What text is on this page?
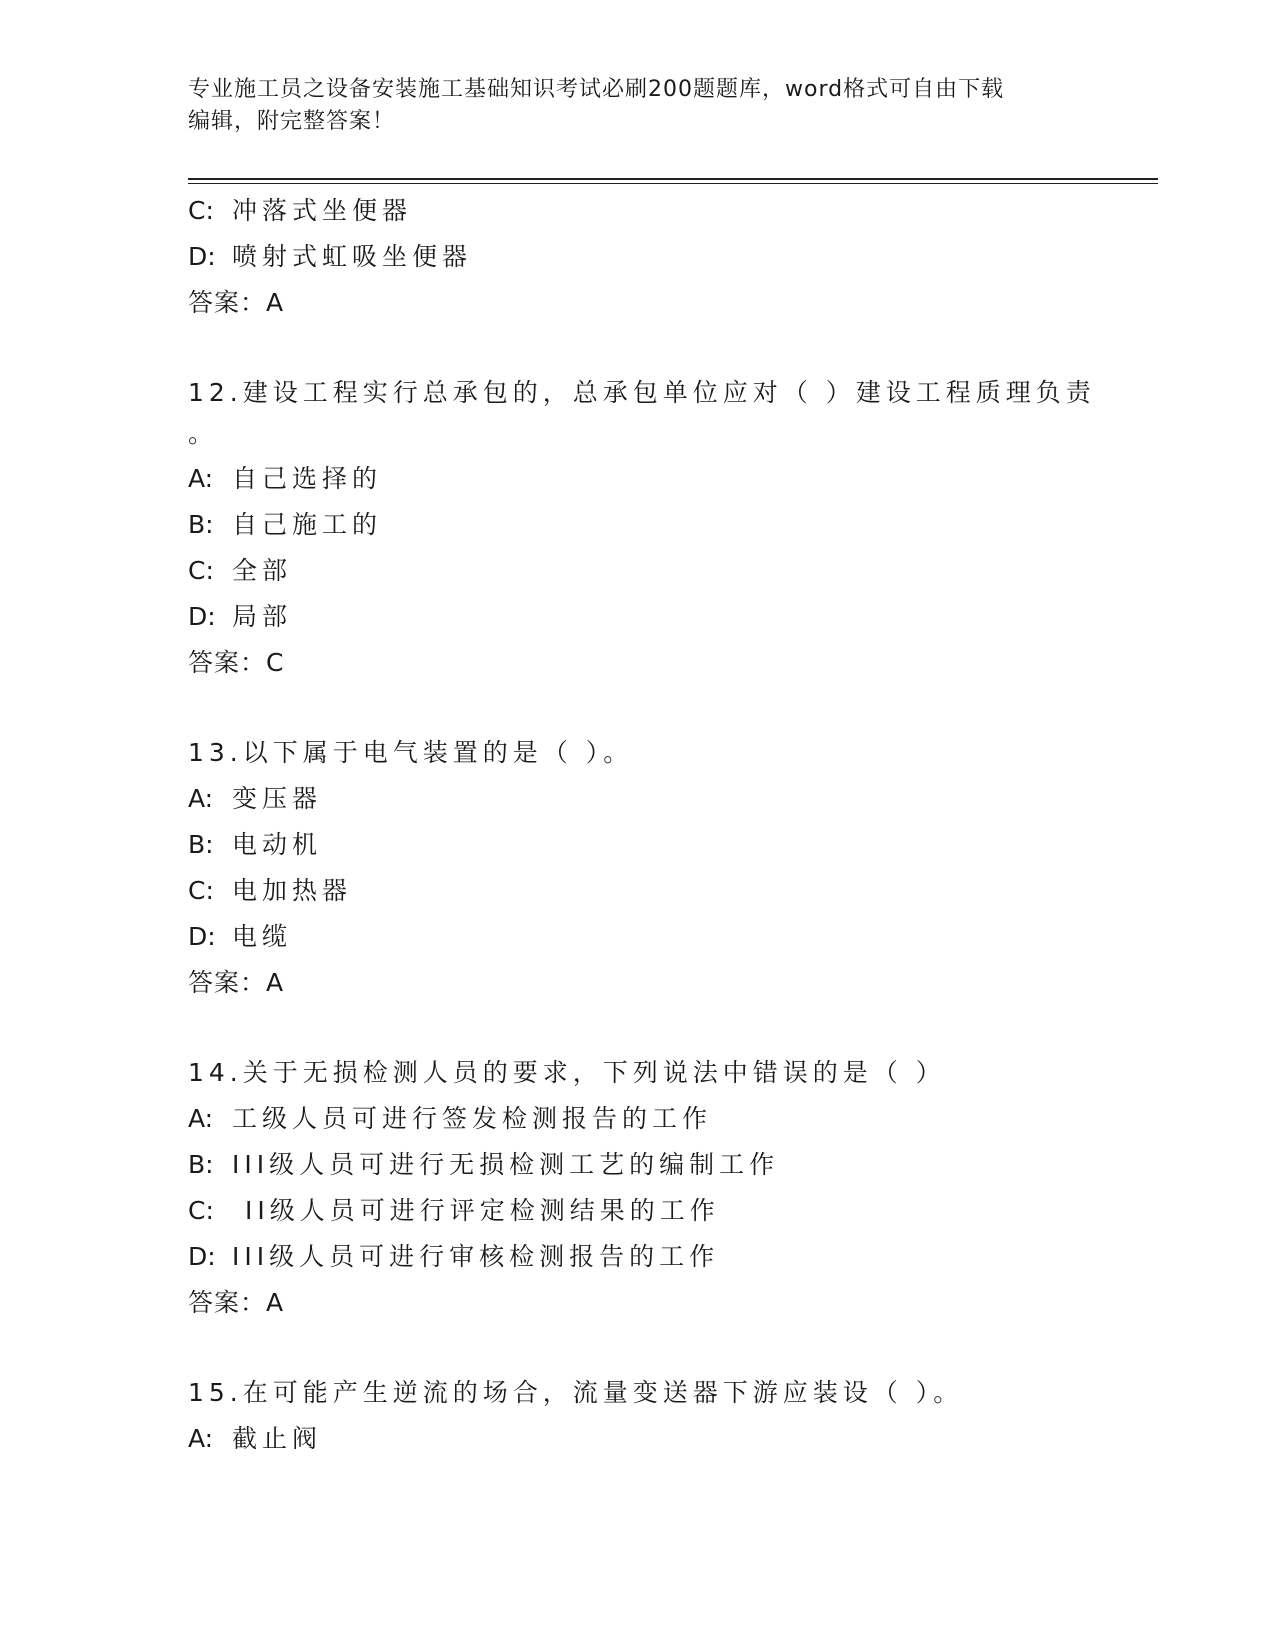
专业施工员之设备安装施工基础知识考试必刷200题题库，word格式可自由下载
编辑，附完整答案！
C: 冲落式坐便器
D: 喷射式虹吸坐便器
答案：A
12.建设工程实行总承包的，总承包单位应对（ ）建设工程质理负责
。
A: 自己选择的
B: 自己施工的
C: 全部
D: 局部
答案：C
13.以下属于电气装置的是（ ）。
A: 变压器
B: 电动机
C: 电加热器
D: 电缆
答案：A
14.关于无损检测人员的要求，下列说法中错误的是（ ）
A: 工级人员可进行签发检测报告的工作
B: III级人员可进行无损检测工艺的编制工作
C: II级人员可进行评定检测结果的工作
D: III级人员可进行审核检测报告的工作
答案：A
15.在可能产生逆流的场合，流量变送器下游应装设（ ）。
A: 截止阀
